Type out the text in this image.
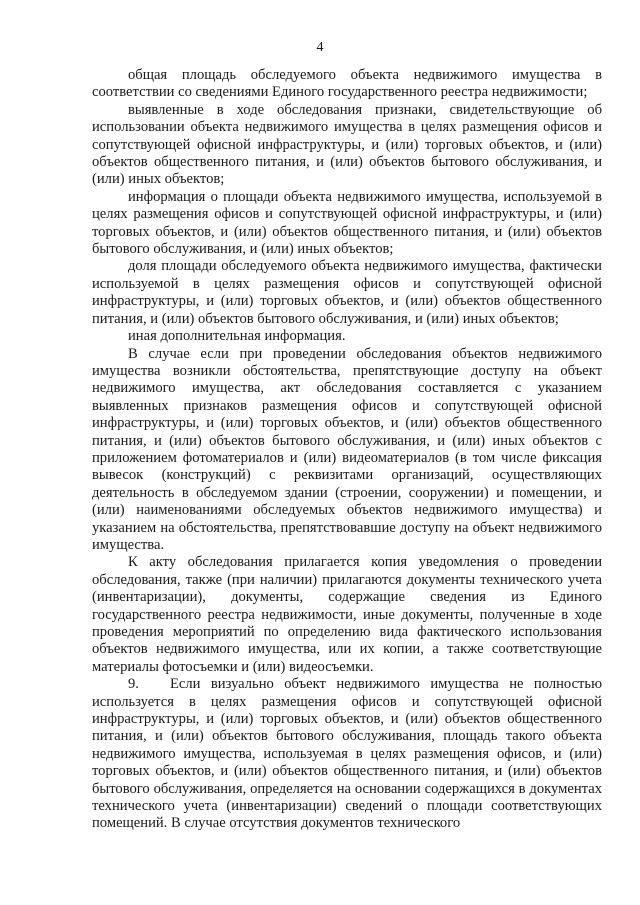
4

общая площадь обследуемого объекта недвижимого имущества в соответствии со сведениями Единого государственного реестра недвижимости;

выявленные в ходе обследования признаки, свидетельствующие об использовании объекта недвижимого имущества в целях размещения офисов и сопутствующей офисной инфраструктуры, и (или) торговых объектов, и (или) объектов общественного питания, и (или) объектов бытового обслуживания, и (или) иных объектов;

информация о площади объекта недвижимого имущества, используемой в целях размещения офисов и сопутствующей офисной инфраструктуры, и (или) торговых объектов, и (или) объектов общественного питания, и (или) объектов бытового обслуживания, и (или) иных объектов;

доля площади обследуемого объекта недвижимого имущества, фактически используемой в целях размещения офисов и сопутствующей офисной инфраструктуры, и (или) торговых объектов, и (или) объектов общественного питания, и (или) объектов бытового обслуживания, и (или) иных объектов;

иная дополнительная информация.

В случае если при проведении обследования объектов недвижимого имущества возникли обстоятельства, препятствующие доступу на объект недвижимого имущества, акт обследования составляется с указанием выявленных признаков размещения офисов и сопутствующей офисной инфраструктуры, и (или) торговых объектов, и (или) объектов общественного питания, и (или) объектов бытового обслуживания, и (или) иных объектов с приложением фотоматериалов и (или) видеоматериалов (в том числе фиксация вывесок (конструкций) с реквизитами организаций, осуществляющих деятельность в обследуемом здании (строении, сооружении) и помещении, и (или) наименованиями обследуемых объектов недвижимого имущества) и указанием на обстоятельства, препятствовавшие доступу на объект недвижимого имущества.

К акту обследования прилагается копия уведомления о проведении обследования, также (при наличии) прилагаются документы технического учета (инвентаризации), документы, содержащие сведения из Единого государственного реестра недвижимости, иные документы, полученные в ходе проведения мероприятий по определению вида фактического использования объектов недвижимого имущества, или их копии, а также соответствующие материалы фотосъемки и (или) видеосъемки.

9. Если визуально объект недвижимого имущества не полностью используется в целях размещения офисов и сопутствующей офисной инфраструктуры, и (или) торговых объектов, и (или) объектов общественного питания, и (или) объектов бытового обслуживания, площадь такого объекта недвижимого имущества, используемая в целях размещения офисов, и (или) торговых объектов, и (или) объектов общественного питания, и (или) объектов бытового обслуживания, определяется на основании содержащихся в документах технического учета (инвентаризации) сведений о площади соответствующих помещений. В случае отсутствия документов технического
